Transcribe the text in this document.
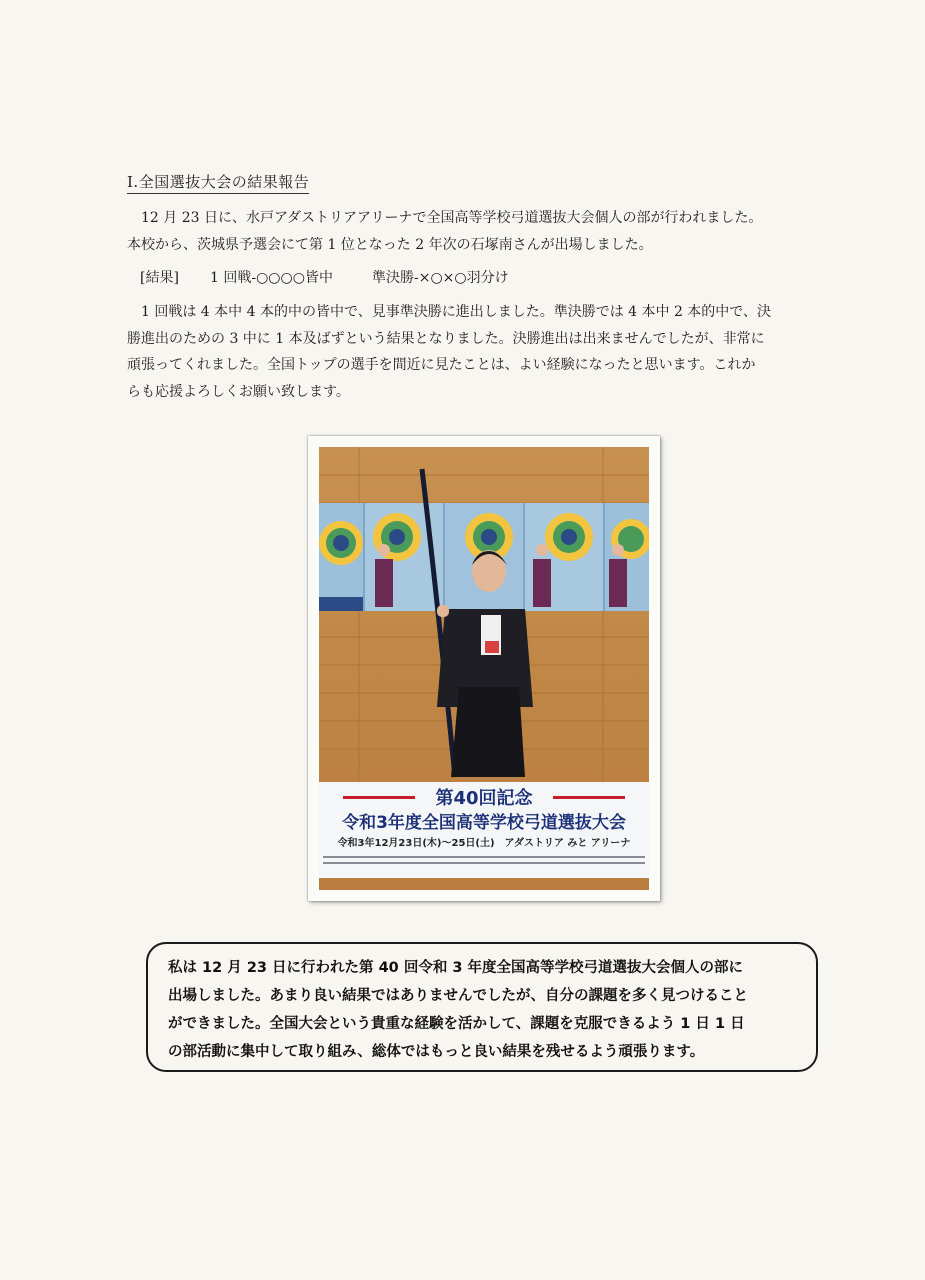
Ⅰ.全国選抜大会の結果報告

12 月 23 日に、水戸アダストリアアリーナで全国高等学校弓道選抜大会個人の部が行われました。
本校から、茨城県予選会にて第 1 位となった 2 年次の石塚南さんが出場しました。

[結果] 1 回戦-○○○○皆中	準決勝-×○×○羽分け

1 回戦は 4 本中 4 本的中の皆中で、見事準決勝に進出しました。準決勝では 4 本中 2 本的中で、決
勝進出のための 3 中に 1 本及ばずという結果となりました。決勝進出は出来ませんでしたが、非常に
頑張ってくれました。全国トップの選手を間近に見たことは、よい経験になったと思います。これか
らも応援よろしくお願い致します。

第40回記念
令和3年度全国高等学校弓道選抜大会
令和3年12月23日(木)～25日(土)　アダストリア みと アリーナ
私は 12 月 23 日に行われた第 40 回令和 3 年度全国高等学校弓道選抜大会個人の部に
出場しました。あまり良い結果ではありませんでしたが、自分の課題を多く見つけること
ができました。全国大会という貴重な経験を活かして、課題を克服できるよう 1 日 1 日
の部活動に集中して取り組み、総体ではもっと良い結果を残せるよう頑張ります。
